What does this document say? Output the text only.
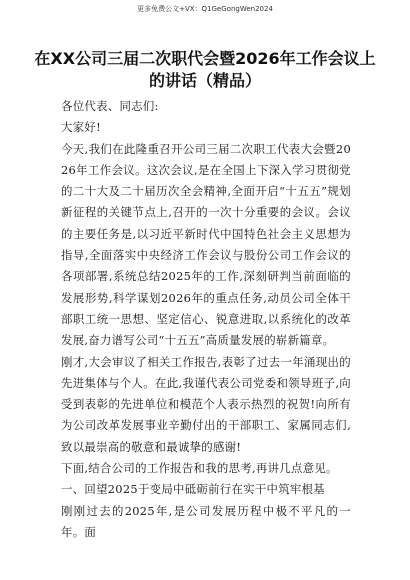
更多免费公文+VX：Q1GeGongWen2024
在XX公司三届二次职代会暨2026年工作会议上的讲话（精品）

各位代表、同志们:

大家好!

今天,我们在此隆重召开公司三届二次职工代表大会暨2026年工作会议。这次会议,是在全国上下深入学习贯彻党的二十大及二十届历次全会精神,全面开启“十五五”规划新征程的关键节点上,召开的一次十分重要的会议。会议的主要任务是,以习近平新时代中国特色社会主义思想为指导,全面落实中央经济工作会议与股份公司工作会议的各项部署,系统总结2025年的工作,深刻研判当前面临的发展形势,科学谋划2026年的重点任务,动员公司全体干部职工统一思想、坚定信心、锐意进取,以系统化的改革发展,奋力谱写公司“十五五”高质量发展的崭新篇章。

刚才,大会审议了相关工作报告,表彰了过去一年涌现出的先进集体与个人。在此,我谨代表公司党委和领导班子,向受到表彰的先进单位和模范个人表示热烈的祝贺!向所有为公司改革发展事业辛勤付出的干部职工、家属同志们,致以最崇高的敬意和最诚挚的感谢!

下面,结合公司的工作报告和我的思考,再讲几点意见。

一、回望2025于变局中砥砺前行在实干中筑牢根基

刚刚过去的2025年,是公司发展历程中极不平凡的一年。面
